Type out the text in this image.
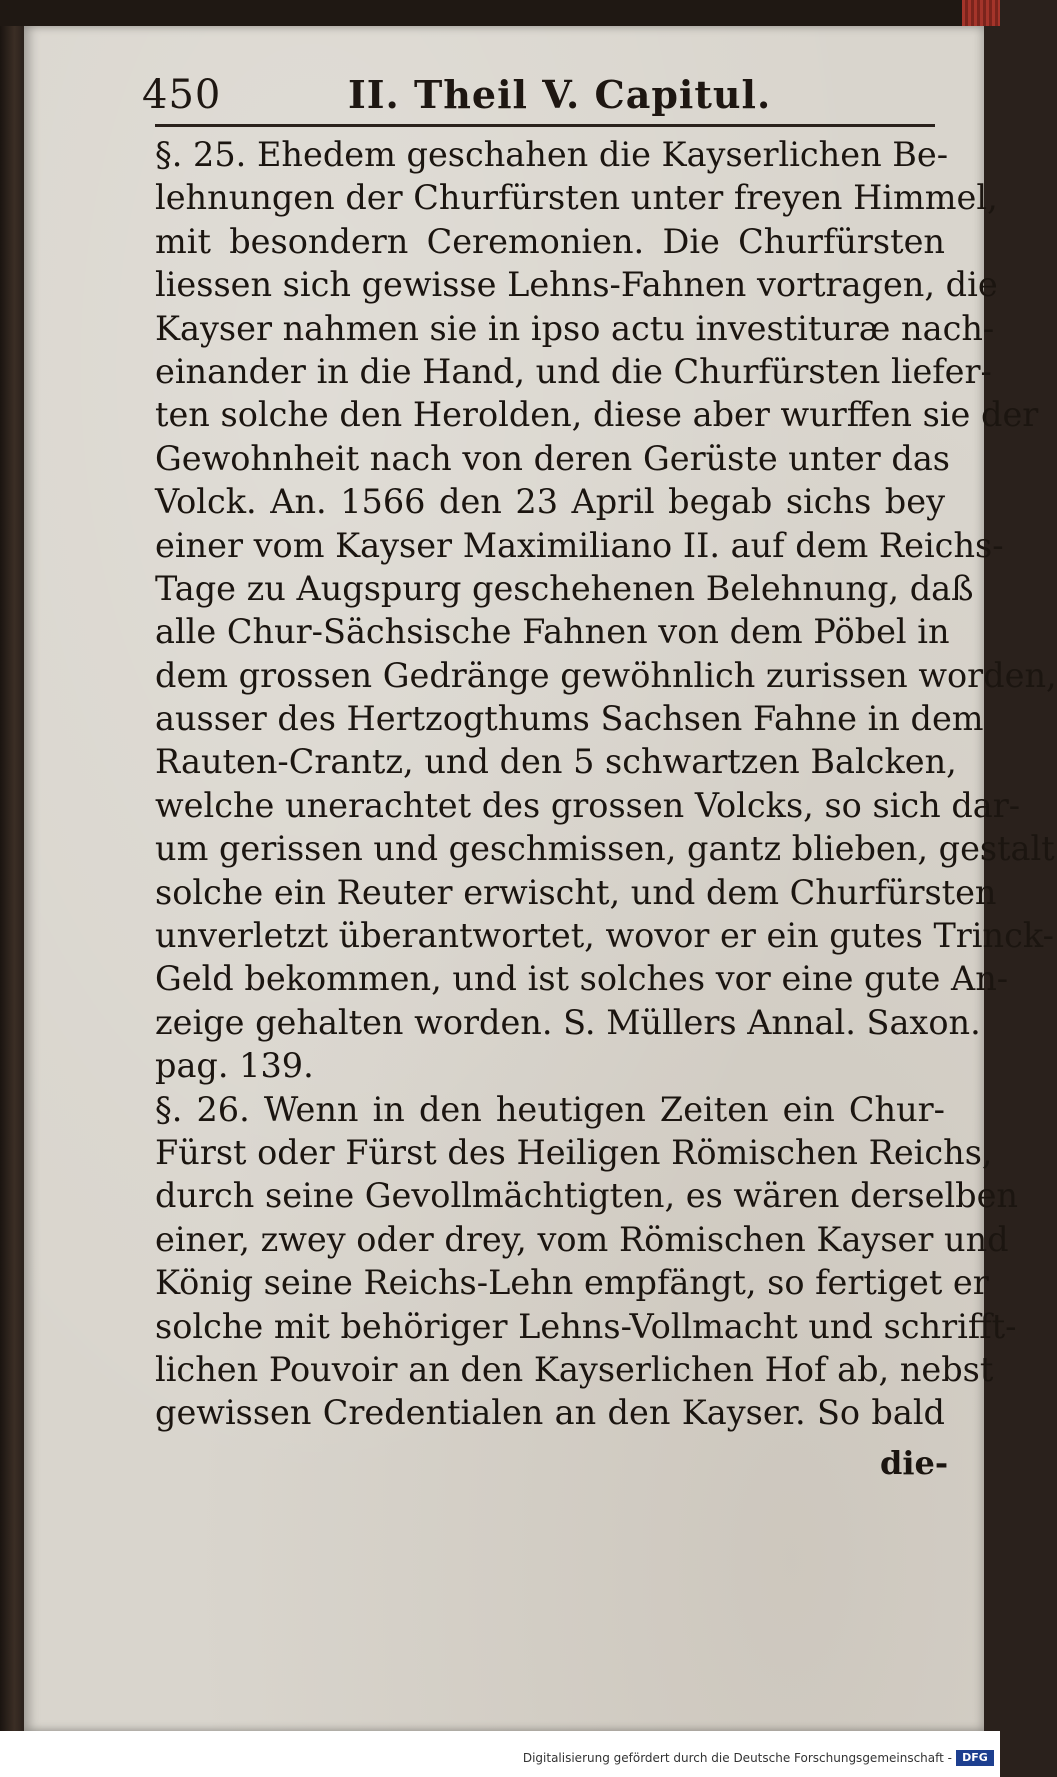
450	II. Theil V. Capitul.
§. 25. Ehedem geschahen die Kayserlichen Be-
lehnungen der Churfürsten unter freyen Himmel,
mit besondern Ceremonien. Die Churfürsten
liessen sich gewisse Lehns-Fahnen vortragen, die
Kayser nahmen sie in ipso actu investituræ nach-
einander in die Hand, und die Churfürsten liefer-
ten solche den Herolden, diese aber wurffen sie der
Gewohnheit nach von deren Gerüste unter das
Volck. An. 1566 den 23 April begab sichs bey
einer vom Kayser Maximiliano II. auf dem Reichs-
Tage zu Augspurg geschehenen Belehnung, daß
alle Chur-Sächsische Fahnen von dem Pöbel in
dem grossen Gedränge gewöhnlich zurissen worden,
ausser des Hertzogthums Sachsen Fahne in dem
Rauten-Crantz, und den 5 schwartzen Balcken,
welche unerachtet des grossen Volcks, so sich dar-
um gerissen und geschmissen, gantz blieben, gestalt
solche ein Reuter erwischt, und dem Churfürsten
unverletzt überantwortet, wovor er ein gutes Trinck-
Geld bekommen, und ist solches vor eine gute An-
zeige gehalten worden. S. Müllers Annal. Saxon.
pag. 139.
§. 26. Wenn in den heutigen Zeiten ein Chur-
Fürst oder Fürst des Heiligen Römischen Reichs,
durch seine Gevollmächtigten, es wären derselben
einer, zwey oder drey, vom Römischen Kayser und
König seine Reichs-Lehn empfängt, so fertiget er
solche mit behöriger Lehns-Vollmacht und schrifft-
lichen Pouvoir an den Kayserlichen Hof ab, nebst
gewissen Credentialen an den Kayser. So bald
die-
Digitalisierung gefördert durch die Deutsche Forschungsgemeinschaft - DFG
